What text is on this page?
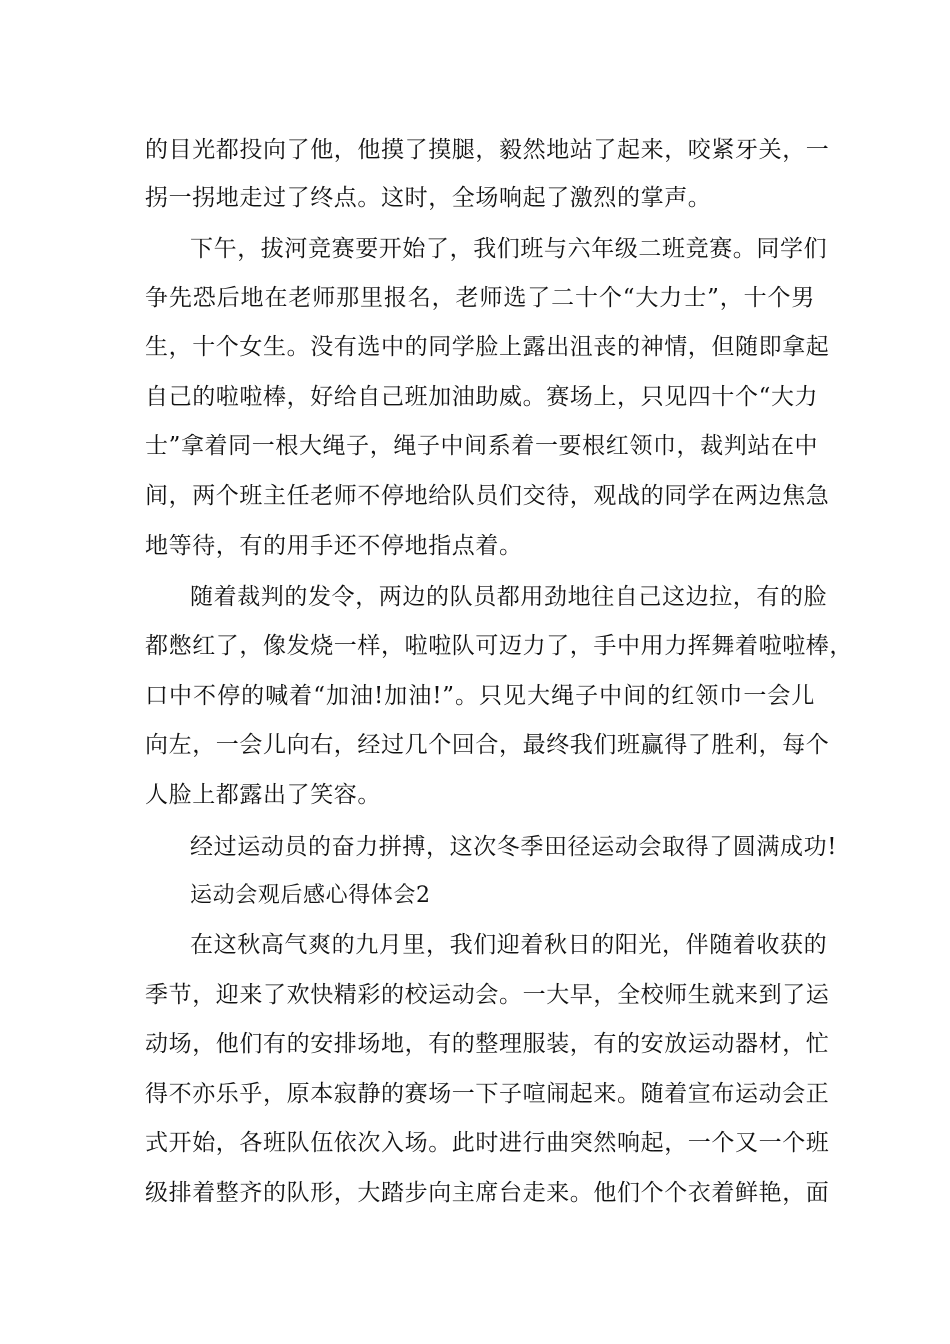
的目光都投向了他，他摸了摸腿，毅然地站了起来，咬紧牙关，一
拐一拐地走过了终点。这时，全场响起了激烈的掌声。
下午，拔河竞赛要开始了，我们班与六年级二班竞赛。同学们
争先恐后地在老师那里报名，老师选了二十个“大力士”，十个男
生，十个女生。没有选中的同学脸上露出沮丧的神情，但随即拿起
自己的啦啦棒，好给自己班加油助威。赛场上，只见四十个“大力
士”拿着同一根大绳子，绳子中间系着一要根红领巾，裁判站在中
间，两个班主任老师不停地给队员们交待，观战的同学在两边焦急
地等待，有的用手还不停地指点着。
随着裁判的发令，两边的队员都用劲地往自己这边拉，有的脸
都憋红了，像发烧一样，啦啦队可迈力了，手中用力挥舞着啦啦棒，
口中不停的喊着“加油!加油!”。只见大绳子中间的红领巾一会儿
向左，一会儿向右，经过几个回合，最终我们班赢得了胜利，每个
人脸上都露出了笑容。
经过运动员的奋力拼搏，这次冬季田径运动会取得了圆满成功!
运动会观后感心得体会2
在这秋高气爽的九月里，我们迎着秋日的阳光，伴随着收获的
季节，迎来了欢快精彩的校运动会。一大早，全校师生就来到了运
动场，他们有的安排场地，有的整理服装，有的安放运动器材，忙
得不亦乐乎，原本寂静的赛场一下子喧闹起来。随着宣布运动会正
式开始，各班队伍依次入场。此时进行曲突然响起，一个又一个班
级排着整齐的队形，大踏步向主席台走来。他们个个衣着鲜艳，面
